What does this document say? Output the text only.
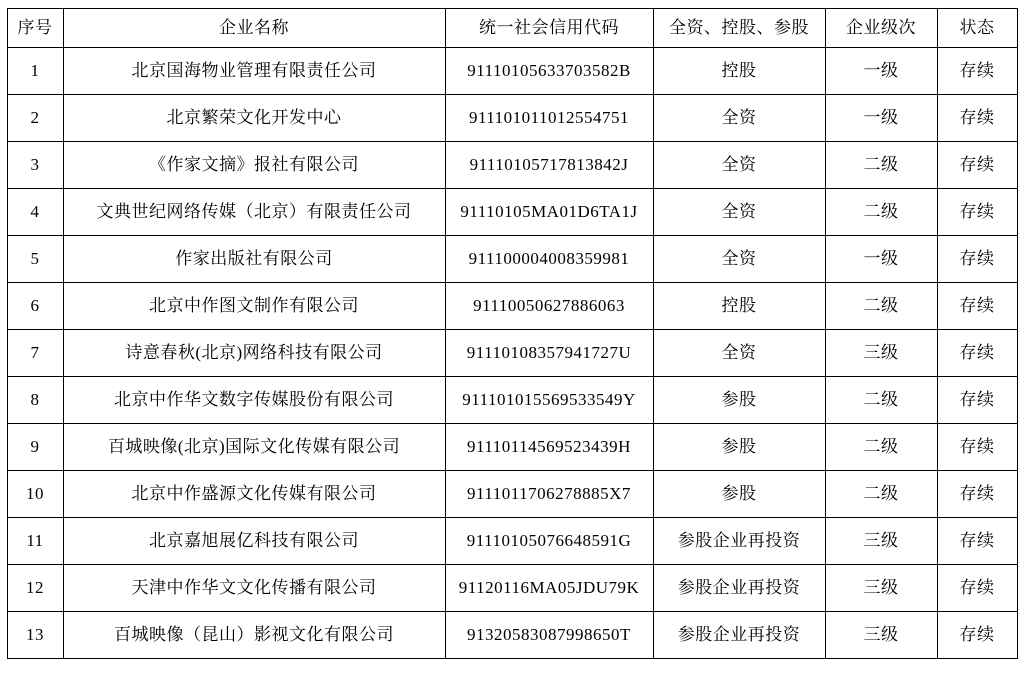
序号	企业名称	统一社会信用代码	全资、控股、参股	企业级次	状态
1	北京国海物业管理有限责任公司	91110105633703582B	控股	一级	存续
2	北京繁荣文化开发中心	911101011012554751	全资	一级	存续
3	《作家文摘》报社有限公司	91110105717813842J	全资	二级	存续
4	文典世纪网络传媒（北京）有限责任公司	91110105MA01D6TA1J	全资	二级	存续
5	作家出版社有限公司	911100004008359981	全资	一级	存续
6	北京中作图文制作有限公司	91110050627886063	控股	二级	存续
7	诗意春秋(北京)网络科技有限公司	91110108357941727U	全资	三级	存续
8	北京中作华文数字传媒股份有限公司	911101015569533549Y	参股	二级	存续
9	百城映像(北京)国际文化传媒有限公司	91110114569523439H	参股	二级	存续
10	北京中作盛源文化传媒有限公司	9111011706278885X7	参股	二级	存续
11	北京嘉旭展亿科技有限公司	91110105076648591G	参股企业再投资	三级	存续
12	天津中作华文文化传播有限公司	91120116MA05JDU79K	参股企业再投资	三级	存续
13	百城映像（昆山）影视文化有限公司	91320583087998650T	参股企业再投资	三级	存续
